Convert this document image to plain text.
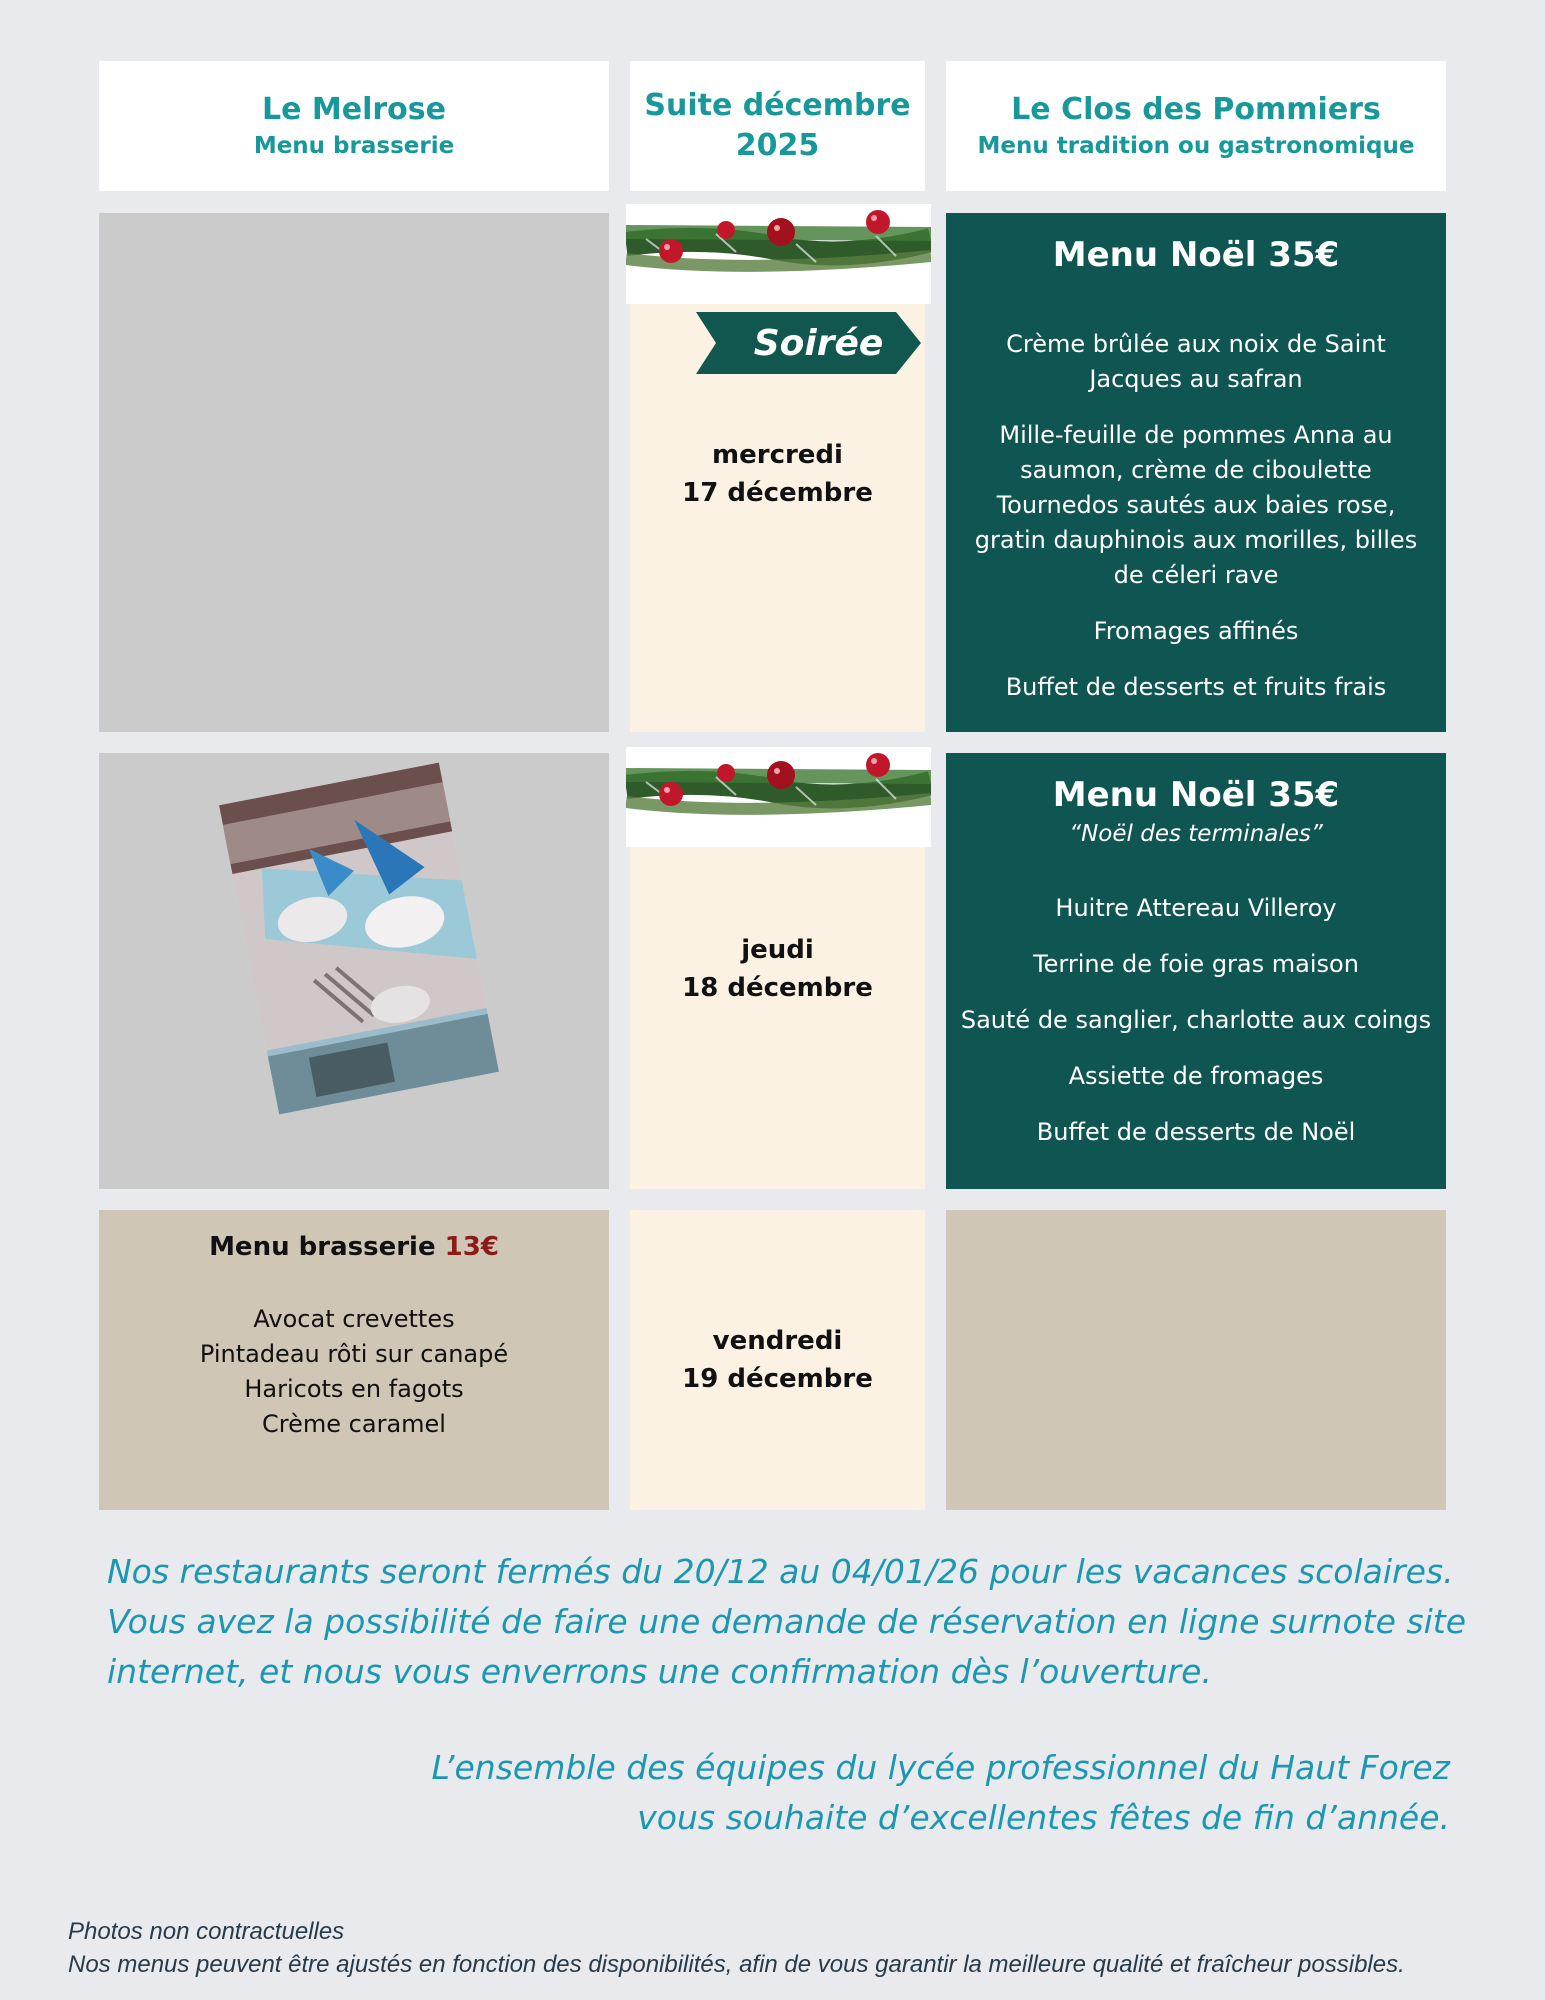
Le Melrose
Menu brasserie
Suite décembre
2025
Le Clos des Pommiers
Menu tradition ou gastronomique
Soirée
mercredi
17 décembre
Menu Noël 35€

Crème brûlée aux noix de Saint Jacques au safran

Mille-feuille de pommes Anna au saumon, crème de ciboulette Tournedos sautés aux baies rose, gratin dauphinois aux morilles, billes de céleri rave

Fromages affinés

Buffet de desserts et fruits frais

jeudi
18 décembre
Menu Noël 35€
“Noël des terminales”

Huitre Attereau Villeroy

Terrine de foie gras maison

Sauté de sanglier, charlotte aux coings

Assiette de fromages

Buffet de desserts de Noël

Menu brasserie 13€
Avocat crevettes
Pintadeau rôti sur canapé
Haricots en fagots
Crème caramel
vendredi
19 décembre
Nos restaurants seront fermés du 20/12 au 04/01/26 pour les vacances scolaires.
Vous avez la possibilité de faire une demande de réservation en ligne surnote site
internet, et nous vous enverrons une confirmation dès l’ouverture.
L’ensemble des équipes du lycée professionnel du Haut Forez
vous souhaite d’excellentes fêtes de fin d’année.
Photos non contractuelles
Nos menus peuvent être ajustés en fonction des disponibilités, afin de vous garantir la meilleure qualité et fraîcheur possibles.
